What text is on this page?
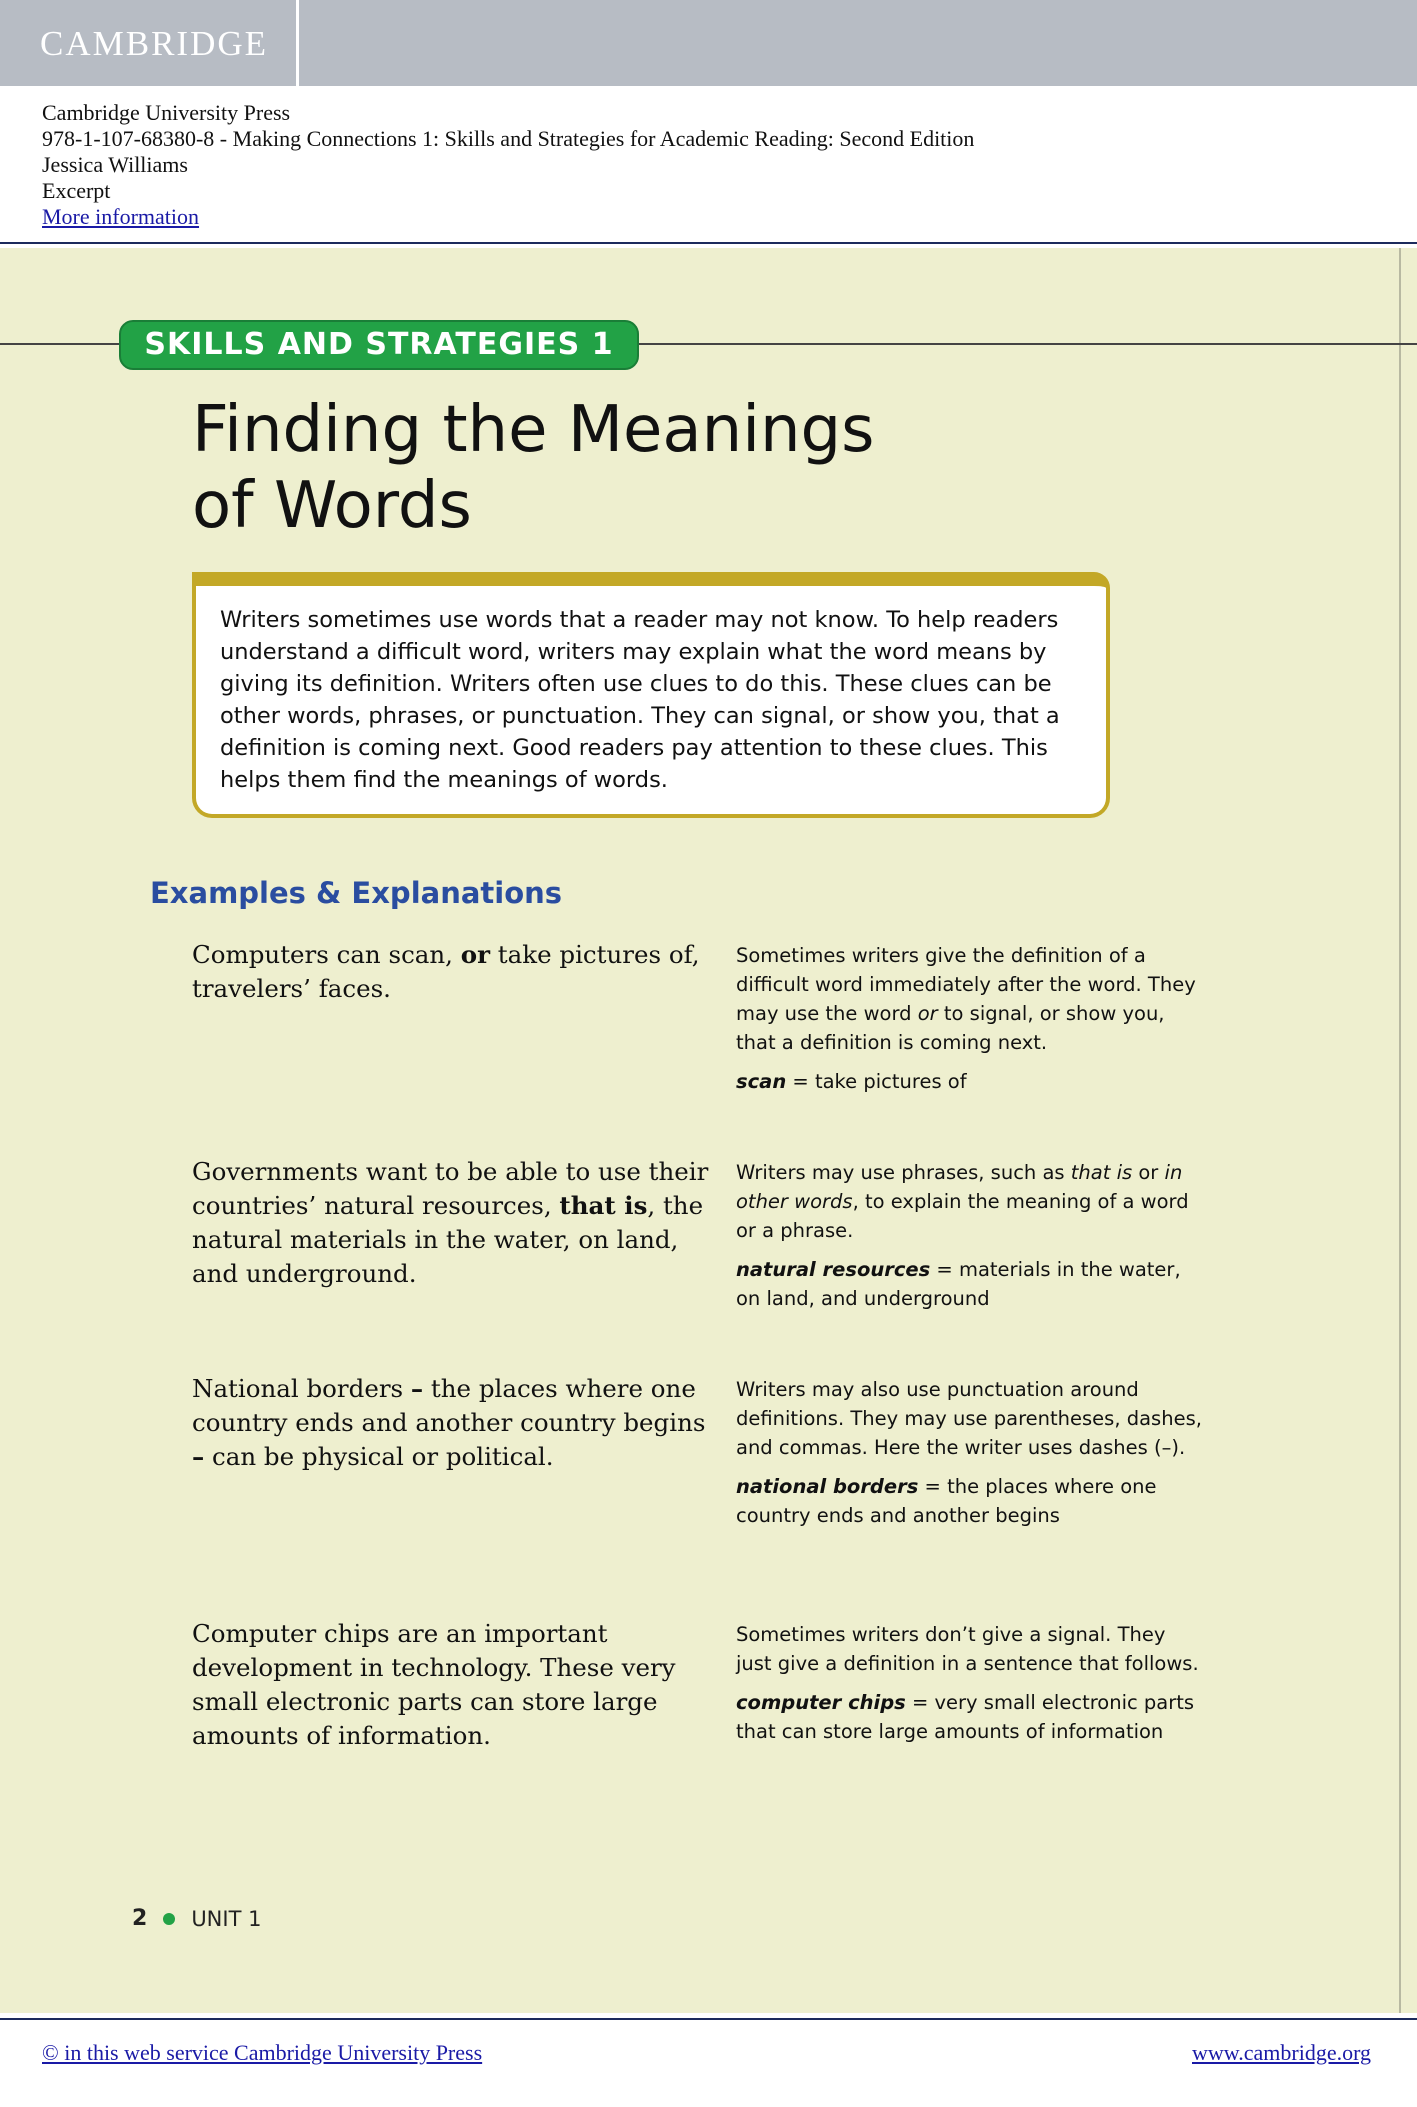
CAMBRIDGE
Cambridge University Press
978-1-107-68380-8 - Making Connections 1: Skills and Strategies for Academic Reading: Second Edition
Jessica Williams
Excerpt
More information
SKILLS AND STRATEGIES 1
Finding the Meanings
of Words
Writers sometimes use words that a reader may not know. To help readers understand a difficult word, writers may explain what the word means by giving its definition. Writers often use clues to do this. These clues can be other words, phrases, or punctuation. They can signal, or show you, that a definition is coming next. Good readers pay attention to these clues. This helps them find the meanings of words.
Examples & Explanations
Computers can scan, or take pictures of, travelers’ faces.
Sometimes writers give the definition of a difficult word immediately after the word. They may use the word or to signal, or show you, that a definition is coming next.
scan = take pictures of
Governments want to be able to use their countries’ natural resources, that is, the natural materials in the water, on land, and underground.
Writers may use phrases, such as that is or in other words, to explain the meaning of a word or a phrase.
natural resources = materials in the water, on land, and underground
National borders – the places where one country ends and another country begins – can be physical or political.
Writers may also use punctuation around definitions. They may use parentheses, dashes, and commas. Here the writer uses dashes (–).
national borders = the places where one country ends and another begins
Computer chips are an important development in technology. These very small electronic parts can store large amounts of information.
Sometimes writers don’t give a signal. They just give a definition in a sentence that follows.
computer chips = very small electronic parts that can store large amounts of information
2 UNIT 1
© in this web service Cambridge University Press	www.cambridge.org
